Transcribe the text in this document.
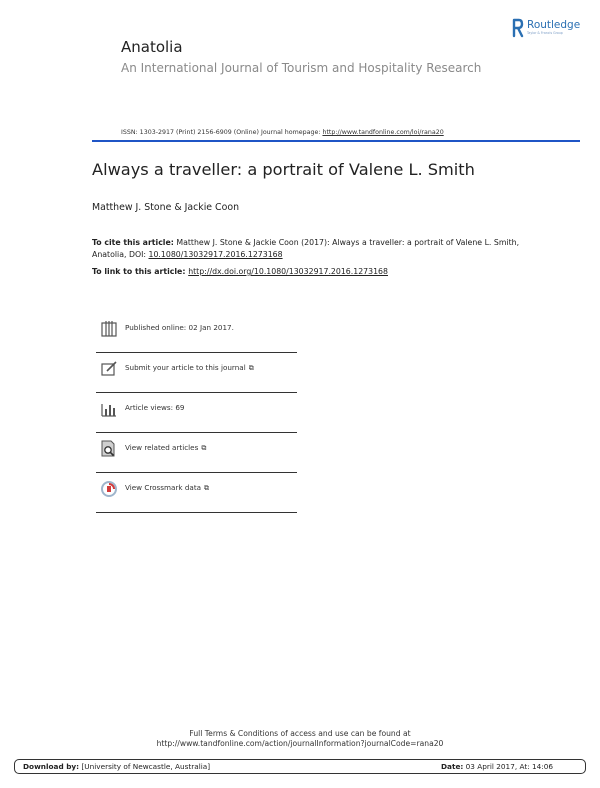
Anatolia
An International Journal of Tourism and Hospitality Research
Routledge
Taylor & Francis Group
ISSN: 1303-2917 (Print) 2156-6909 (Online) Journal homepage: http://www.tandfonline.com/loi/rana20
Always a traveller: a portrait of Valene L. Smith
Matthew J. Stone & Jackie Coon
To cite this article: Matthew J. Stone & Jackie Coon (2017): Always a traveller: a portrait of Valene L. Smith, Anatolia, DOI: 10.1080/13032917.2016.1273168
To link to this article: http://dx.doi.org/10.1080/13032917.2016.1273168
Published online: 02 Jan 2017.
Submit your article to this journal ⧉
Article views: 69
View related articles ⧉
View Crossmark data ⧉
Full Terms & Conditions of access and use can be found at
http://www.tandfonline.com/action/journalInformation?journalCode=rana20
Download by: [University of Newcastle, Australia]	Date: 03 April 2017, At: 14:06
